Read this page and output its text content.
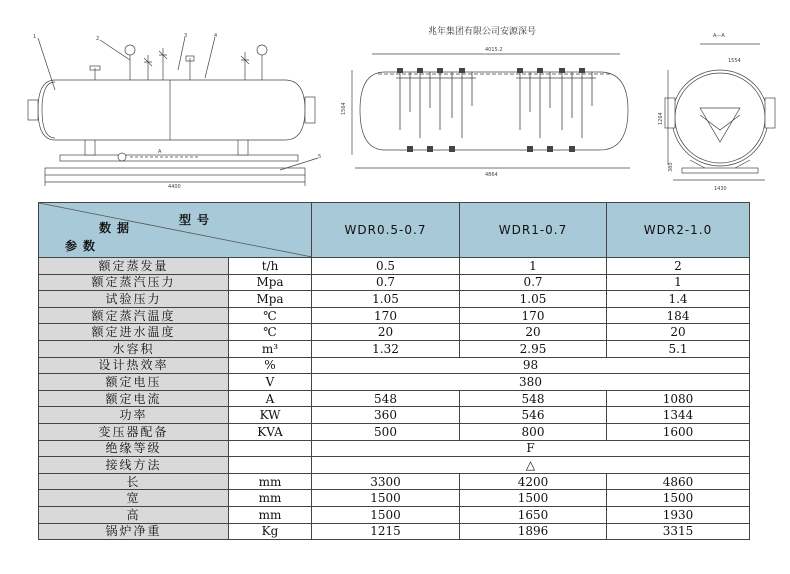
兆年集团有限公司安源深号
4400
A
1	2	3	4
5
4015.2
4864
1564
A—A
1554
1430
1264
380
型号
数据
参数		WDR0.5-0.7	WDR1-0.7	WDR2-1.0
额定蒸发量	t/h	0.5	1	2
额定蒸汽压力	Mpa	0.7	0.7	1
试验压力	Mpa	1.05	1.05	1.4
额定蒸汽温度	℃	170	170	184
额定进水温度	℃	20	20	20
水容积	m³	1.32	2.95	5.1
设计热效率	%	98		
额定电压	V	380		
额定电流	A	548	548	1080
功率	KW	360	546	1344
变压器配备	KVA	500	800	1600
绝缘等级		F		
接线方法		△		
长	mm	3300	4200	4860
宽	mm	1500	1500	1500
高	mm	1500	1650	1930
锅炉净重	Kg	1215	1896	3315
